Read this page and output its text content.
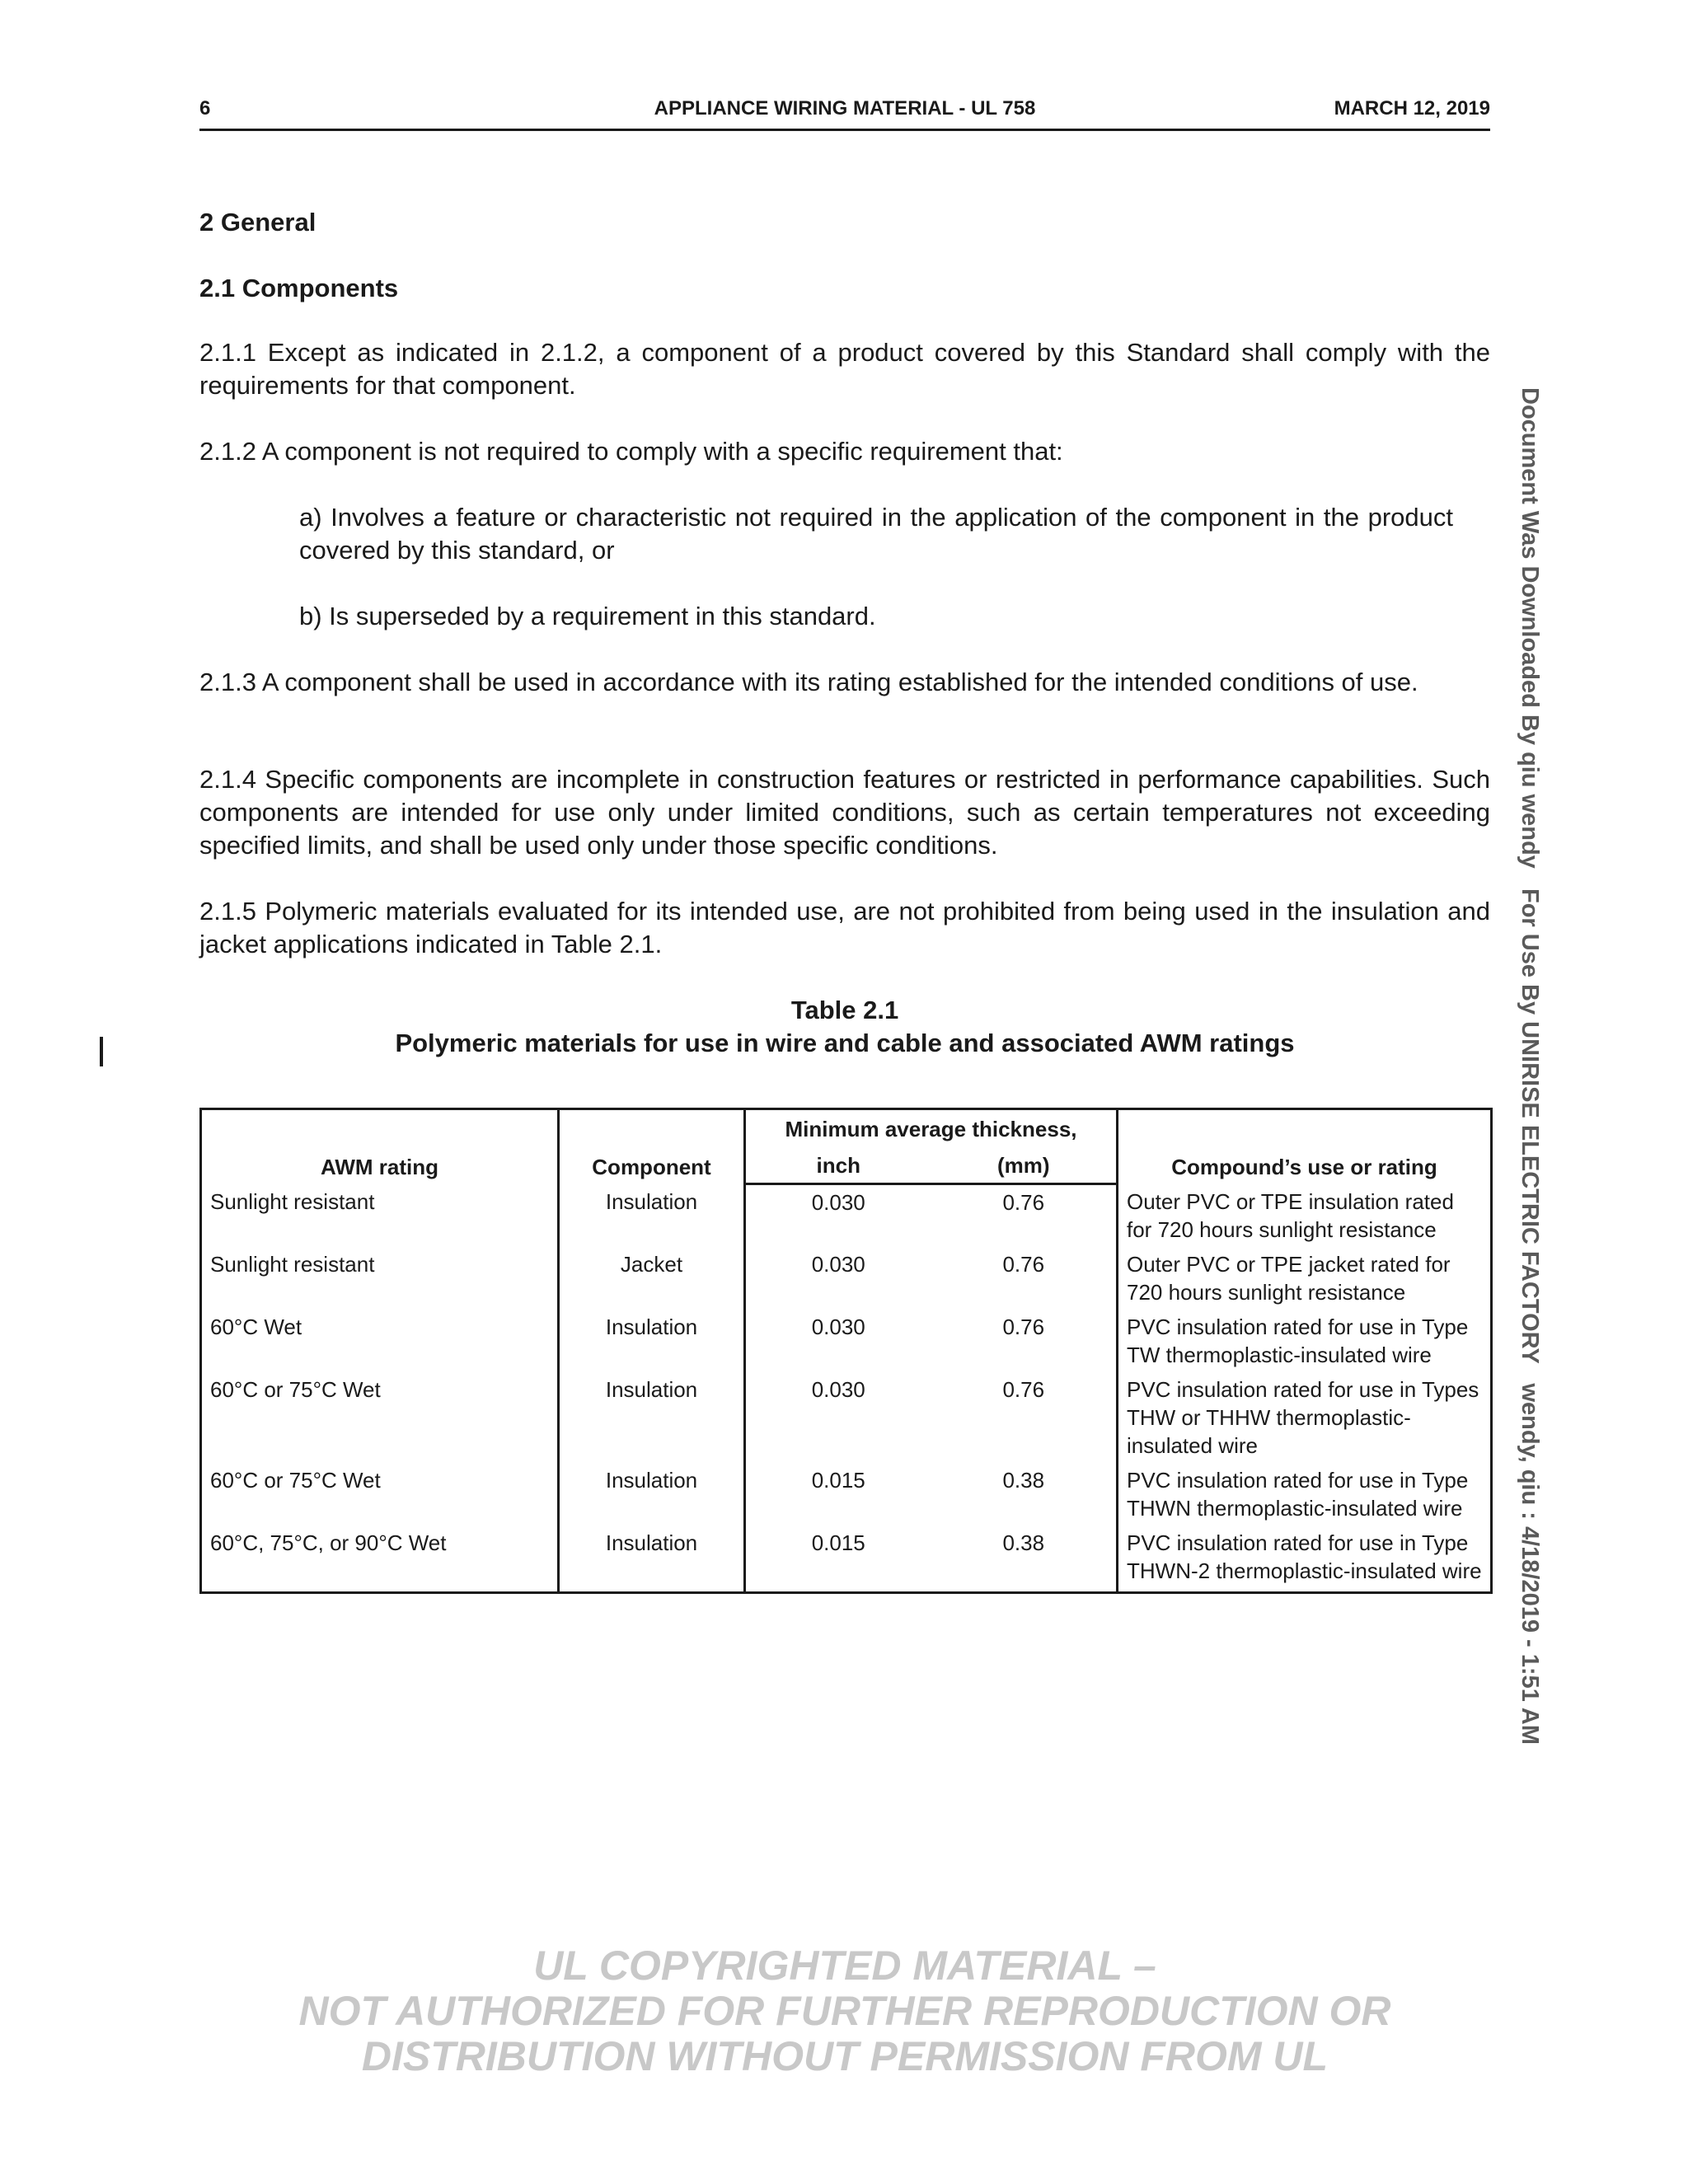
6	APPLIANCE WIRING MATERIAL - UL 758	MARCH 12, 2019
2 General
2.1 Components

2.1.1 Except as indicated in 2.1.2, a component of a product covered by this Standard shall comply with the requirements for that component.

2.1.2 A component is not required to comply with a specific requirement that:

a) Involves a feature or characteristic not required in the application of the component in the product covered by this standard, or

b) Is superseded by a requirement in this standard.

2.1.3 A component shall be used in accordance with its rating established for the intended conditions of use.

2.1.4 Specific components are incomplete in construction features or restricted in performance capabilities. Such components are intended for use only under limited conditions, such as certain temperatures not exceeding specified limits, and shall be used only under those specific conditions.

2.1.5 Polymeric materials evaluated for its intended use, are not prohibited from being used in the insulation and jacket applications indicated in Table 2.1.

Table 2.1

Polymeric materials for use in wire and cable and associated AWM ratings

AWM rating	Component	Minimum average thickness,		Compound’s use or rating
		inch	(mm)	
Sunlight resistant	Insulation	0.030	0.76	Outer PVC or TPE insulation rated for 720 hours sunlight resistance
Sunlight resistant	Jacket	0.030	0.76	Outer PVC or TPE jacket rated for 720 hours sunlight resistance
60°C Wet	Insulation	0.030	0.76	PVC insulation rated for use in Type TW thermoplastic-insulated wire
60°C or 75°C Wet	Insulation	0.030	0.76	PVC insulation rated for use in Types THW or THHW thermoplastic-insulated wire
60°C or 75°C Wet	Insulation	0.015	0.38	PVC insulation rated for use in Type THWN thermoplastic-insulated wire
60°C, 75°C, or 90°C Wet	Insulation	0.015	0.38	PVC insulation rated for use in Type THWN-2 thermoplastic-insulated wire	Document Was Downloaded By qiu wendy   For Use By UNIRISE ELECTRIC FACTORY   wendy, qiu : 4/18/2019 - 1:51 AM
UL COPYRIGHTED MATERIAL –
NOT AUTHORIZED FOR FURTHER REPRODUCTION OR
DISTRIBUTION WITHOUT PERMISSION FROM UL
